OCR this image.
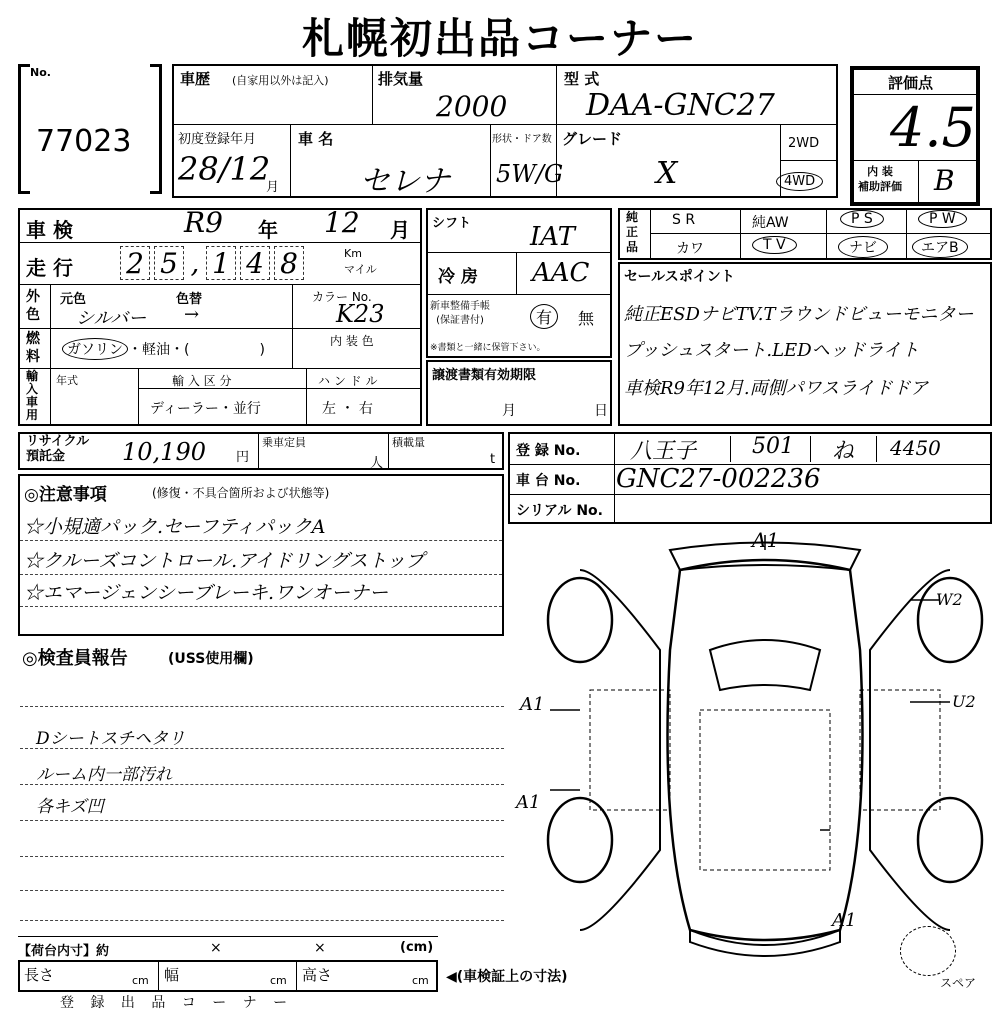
札幌初出品コーナー
No.
77023
車歴 (自家用以外は記入)	排気量
2000
型 式
DAA-GNC27
初度登録年月
28/12
月
車 名
セレナ
形状・ドア数
5W/G
グレード
X
2WD
4WD
評価点
4.5
内 装
補助評価 B
車 検	R9 年 12 月
走 行 2 5 , 1 4 8	Km
マイル
外
色
元色	色替
シルバー →
カラー No.
K23
燃
料	ガソリン ・軽油・(　　　　　)
内 装 色
輸
入
車
用
年式	輸 入 区 分
ディーラー・並行
ハ ン ド ル
左 ・ 右
シフト IAT
冷 房 AAC
新車整備手帳
(保証書付)	有	無
※書類と一緒に保管下さい。
譲渡書類有効期限
月	日
純
正
品
S R	純AW	P S	P W
カワ	T V	ナビ	エアB
セールスポイント
純正ESDナビTV.Tラウンドビューモニター
プッシュスタート.LEDヘッドライト
車検R9年12月.両側パワスライドドア
リサイクル
預託金	10,190 円
乗車定員
人
積載量
t
登 録 No. 八王子	501 ね 4450
車 台 No. GNC27-002236
シリアル No.
◎注意事項	(修復・不具合箇所および状態等)
☆小規適パック.セーフティパックA
☆クルーズコントロール.アイドリングストップ
☆エマージェンシーブレーキ.ワンオーナー
◎検査員報告	(USS使用欄)
Dシートスチヘタリ
ルーム内一部汚れ
各キズ凹
A1
W2
A1	U2
A1
A1
スペア
【荷台内寸】約	×	×	(cm)
長さ	cm 幅	cm 高さ	cm ◀(車検証上の寸法)
登 録 出 品 コ ー ナ ー
